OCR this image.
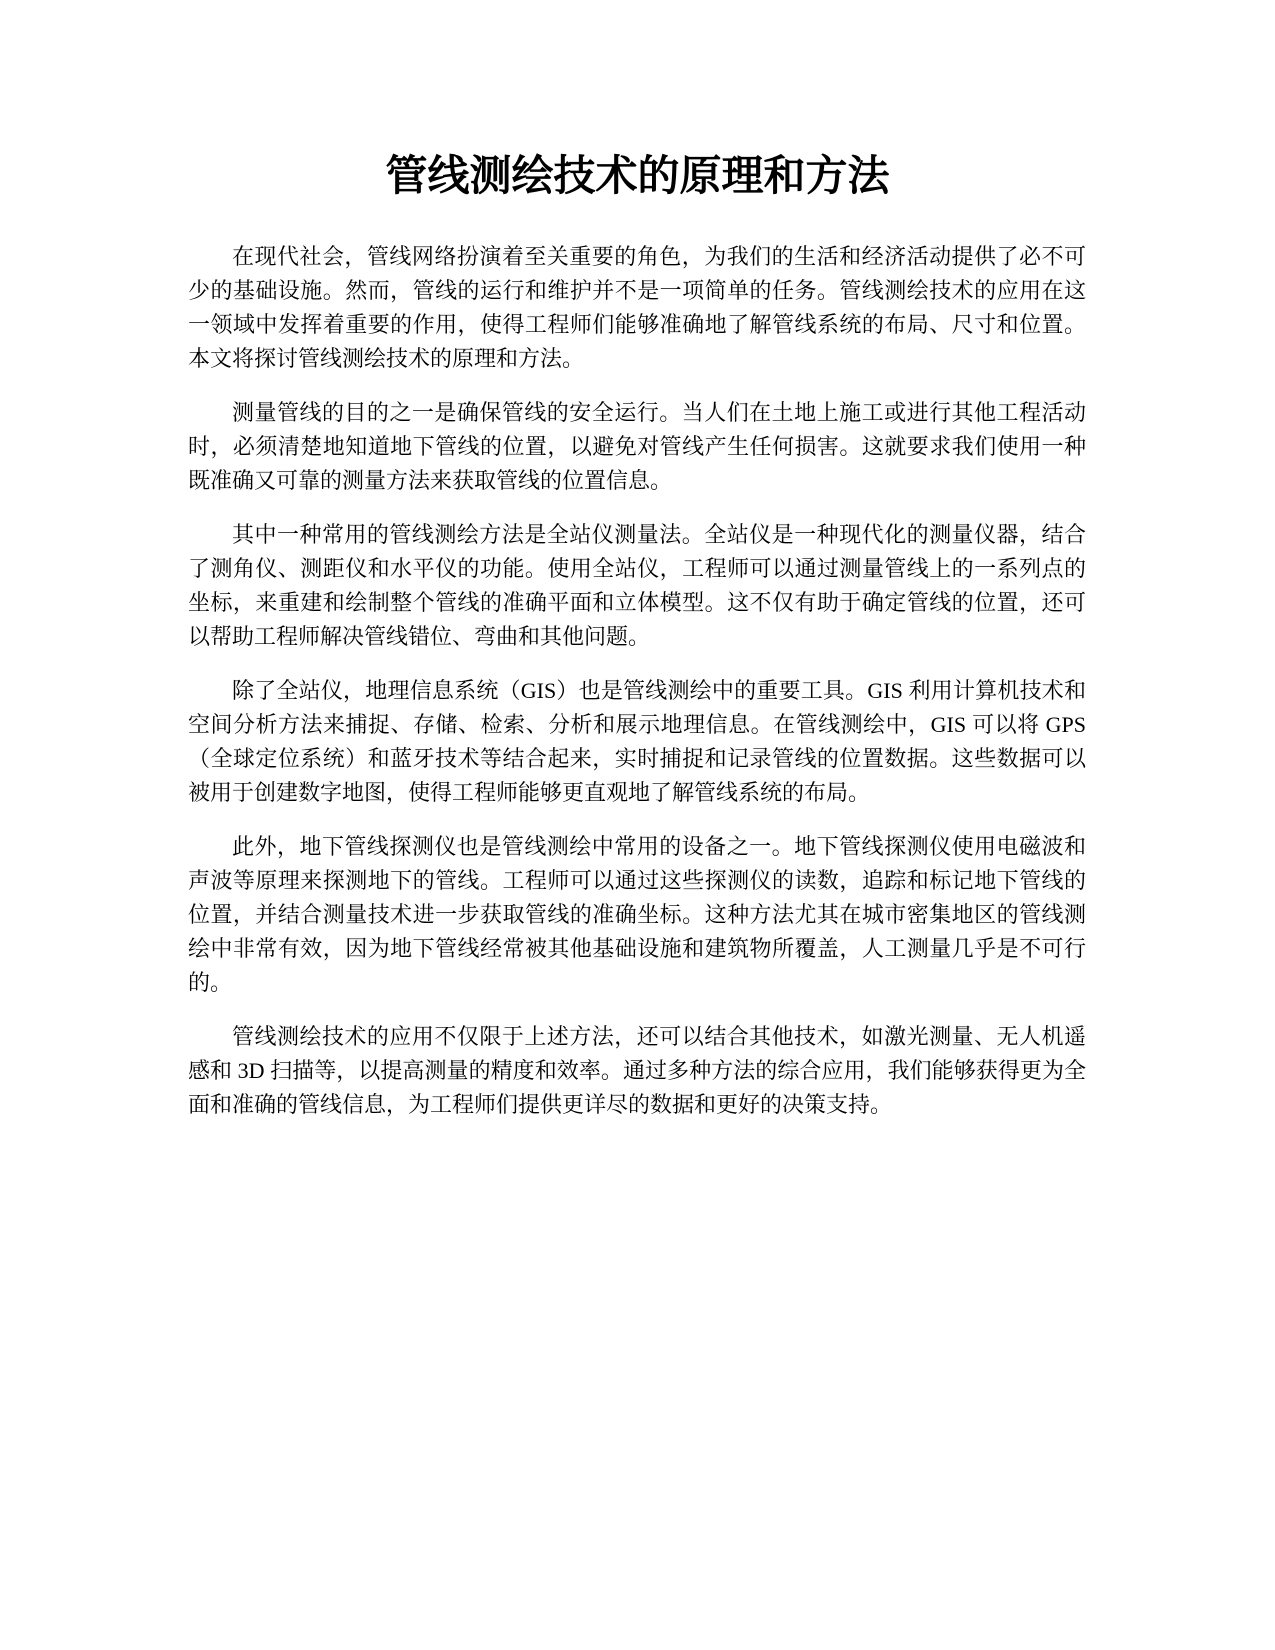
管线测绘技术的原理和方法

在现代社会，管线网络扮演着至关重要的角色，为我们的生活和经济活动提供了必不可少的基础设施。然而，管线的运行和维护并不是一项简单的任务。管线测绘技术的应用在这一领域中发挥着重要的作用，使得工程师们能够准确地了解管线系统的布局、尺寸和位置。本文将探讨管线测绘技术的原理和方法。

测量管线的目的之一是确保管线的安全运行。当人们在土地上施工或进行其他工程活动时，必须清楚地知道地下管线的位置，以避免对管线产生任何损害。这就要求我们使用一种既准确又可靠的测量方法来获取管线的位置信息。

其中一种常用的管线测绘方法是全站仪测量法。全站仪是一种现代化的测量仪器，结合了测角仪、测距仪和水平仪的功能。使用全站仪，工程师可以通过测量管线上的一系列点的坐标，来重建和绘制整个管线的准确平面和立体模型。这不仅有助于确定管线的位置，还可以帮助工程师解决管线错位、弯曲和其他问题。

除了全站仪，地理信息系统（GIS）也是管线测绘中的重要工具。GIS 利用计算机技术和空间分析方法来捕捉、存储、检索、分析和展示地理信息。在管线测绘中，GIS 可以将 GPS（全球定位系统）和蓝牙技术等结合起来，实时捕捉和记录管线的位置数据。这些数据可以被用于创建数字地图，使得工程师能够更直观地了解管线系统的布局。

此外，地下管线探测仪也是管线测绘中常用的设备之一。地下管线探测仪使用电磁波和声波等原理来探测地下的管线。工程师可以通过这些探测仪的读数，追踪和标记地下管线的位置，并结合测量技术进一步获取管线的准确坐标。这种方法尤其在城市密集地区的管线测绘中非常有效，因为地下管线经常被其他基础设施和建筑物所覆盖，人工测量几乎是不可行的。

管线测绘技术的应用不仅限于上述方法，还可以结合其他技术，如激光测量、无人机遥感和 3D 扫描等，以提高测量的精度和效率。通过多种方法的综合应用，我们能够获得更为全面和准确的管线信息，为工程师们提供更详尽的数据和更好的决策支持。
